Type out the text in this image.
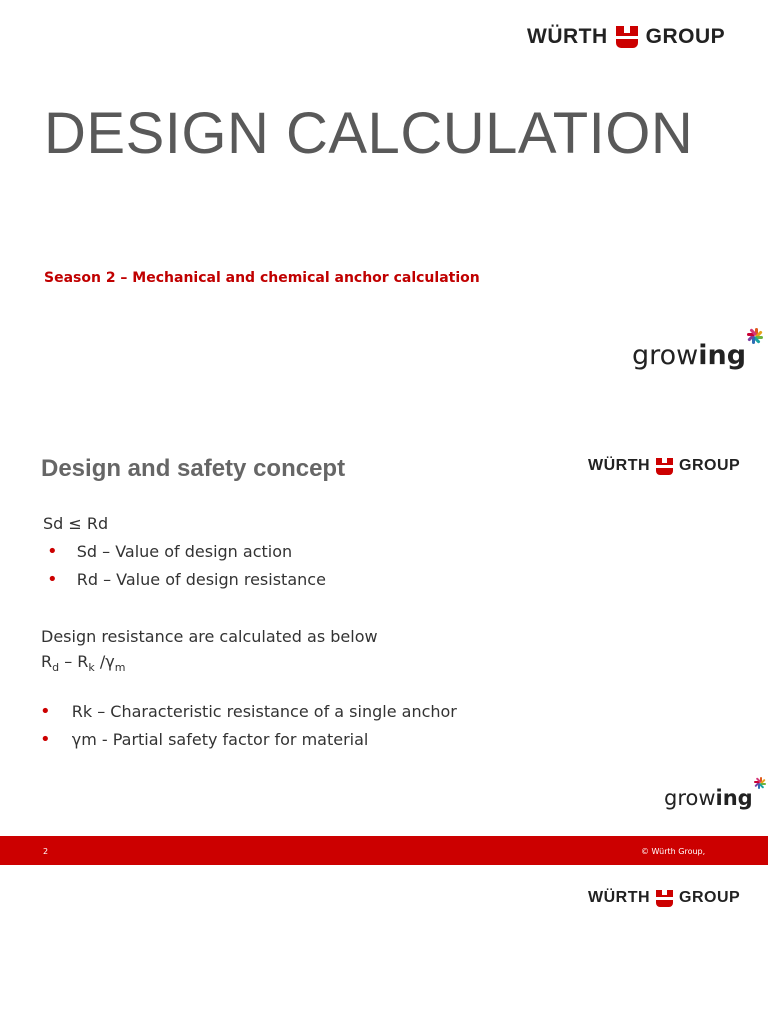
WÜRTH GROUP
DESIGN CALCULATION
Season 2 – Mechanical and chemical anchor calculation
grow ing
Design and safety concept	WÜRTH GROUP
Sd ≤ Rd
• Sd – Value of design action
• Rd – Value of design resistance
Design resistance are calculated as below
$R_d - R_k$ $/\gamma_m$
• Rk – Characteristic resistance of a single anchor
• γm - Partial safety factor for material
grow ing
2	© Würth Group,
WÜRTH GROUP
